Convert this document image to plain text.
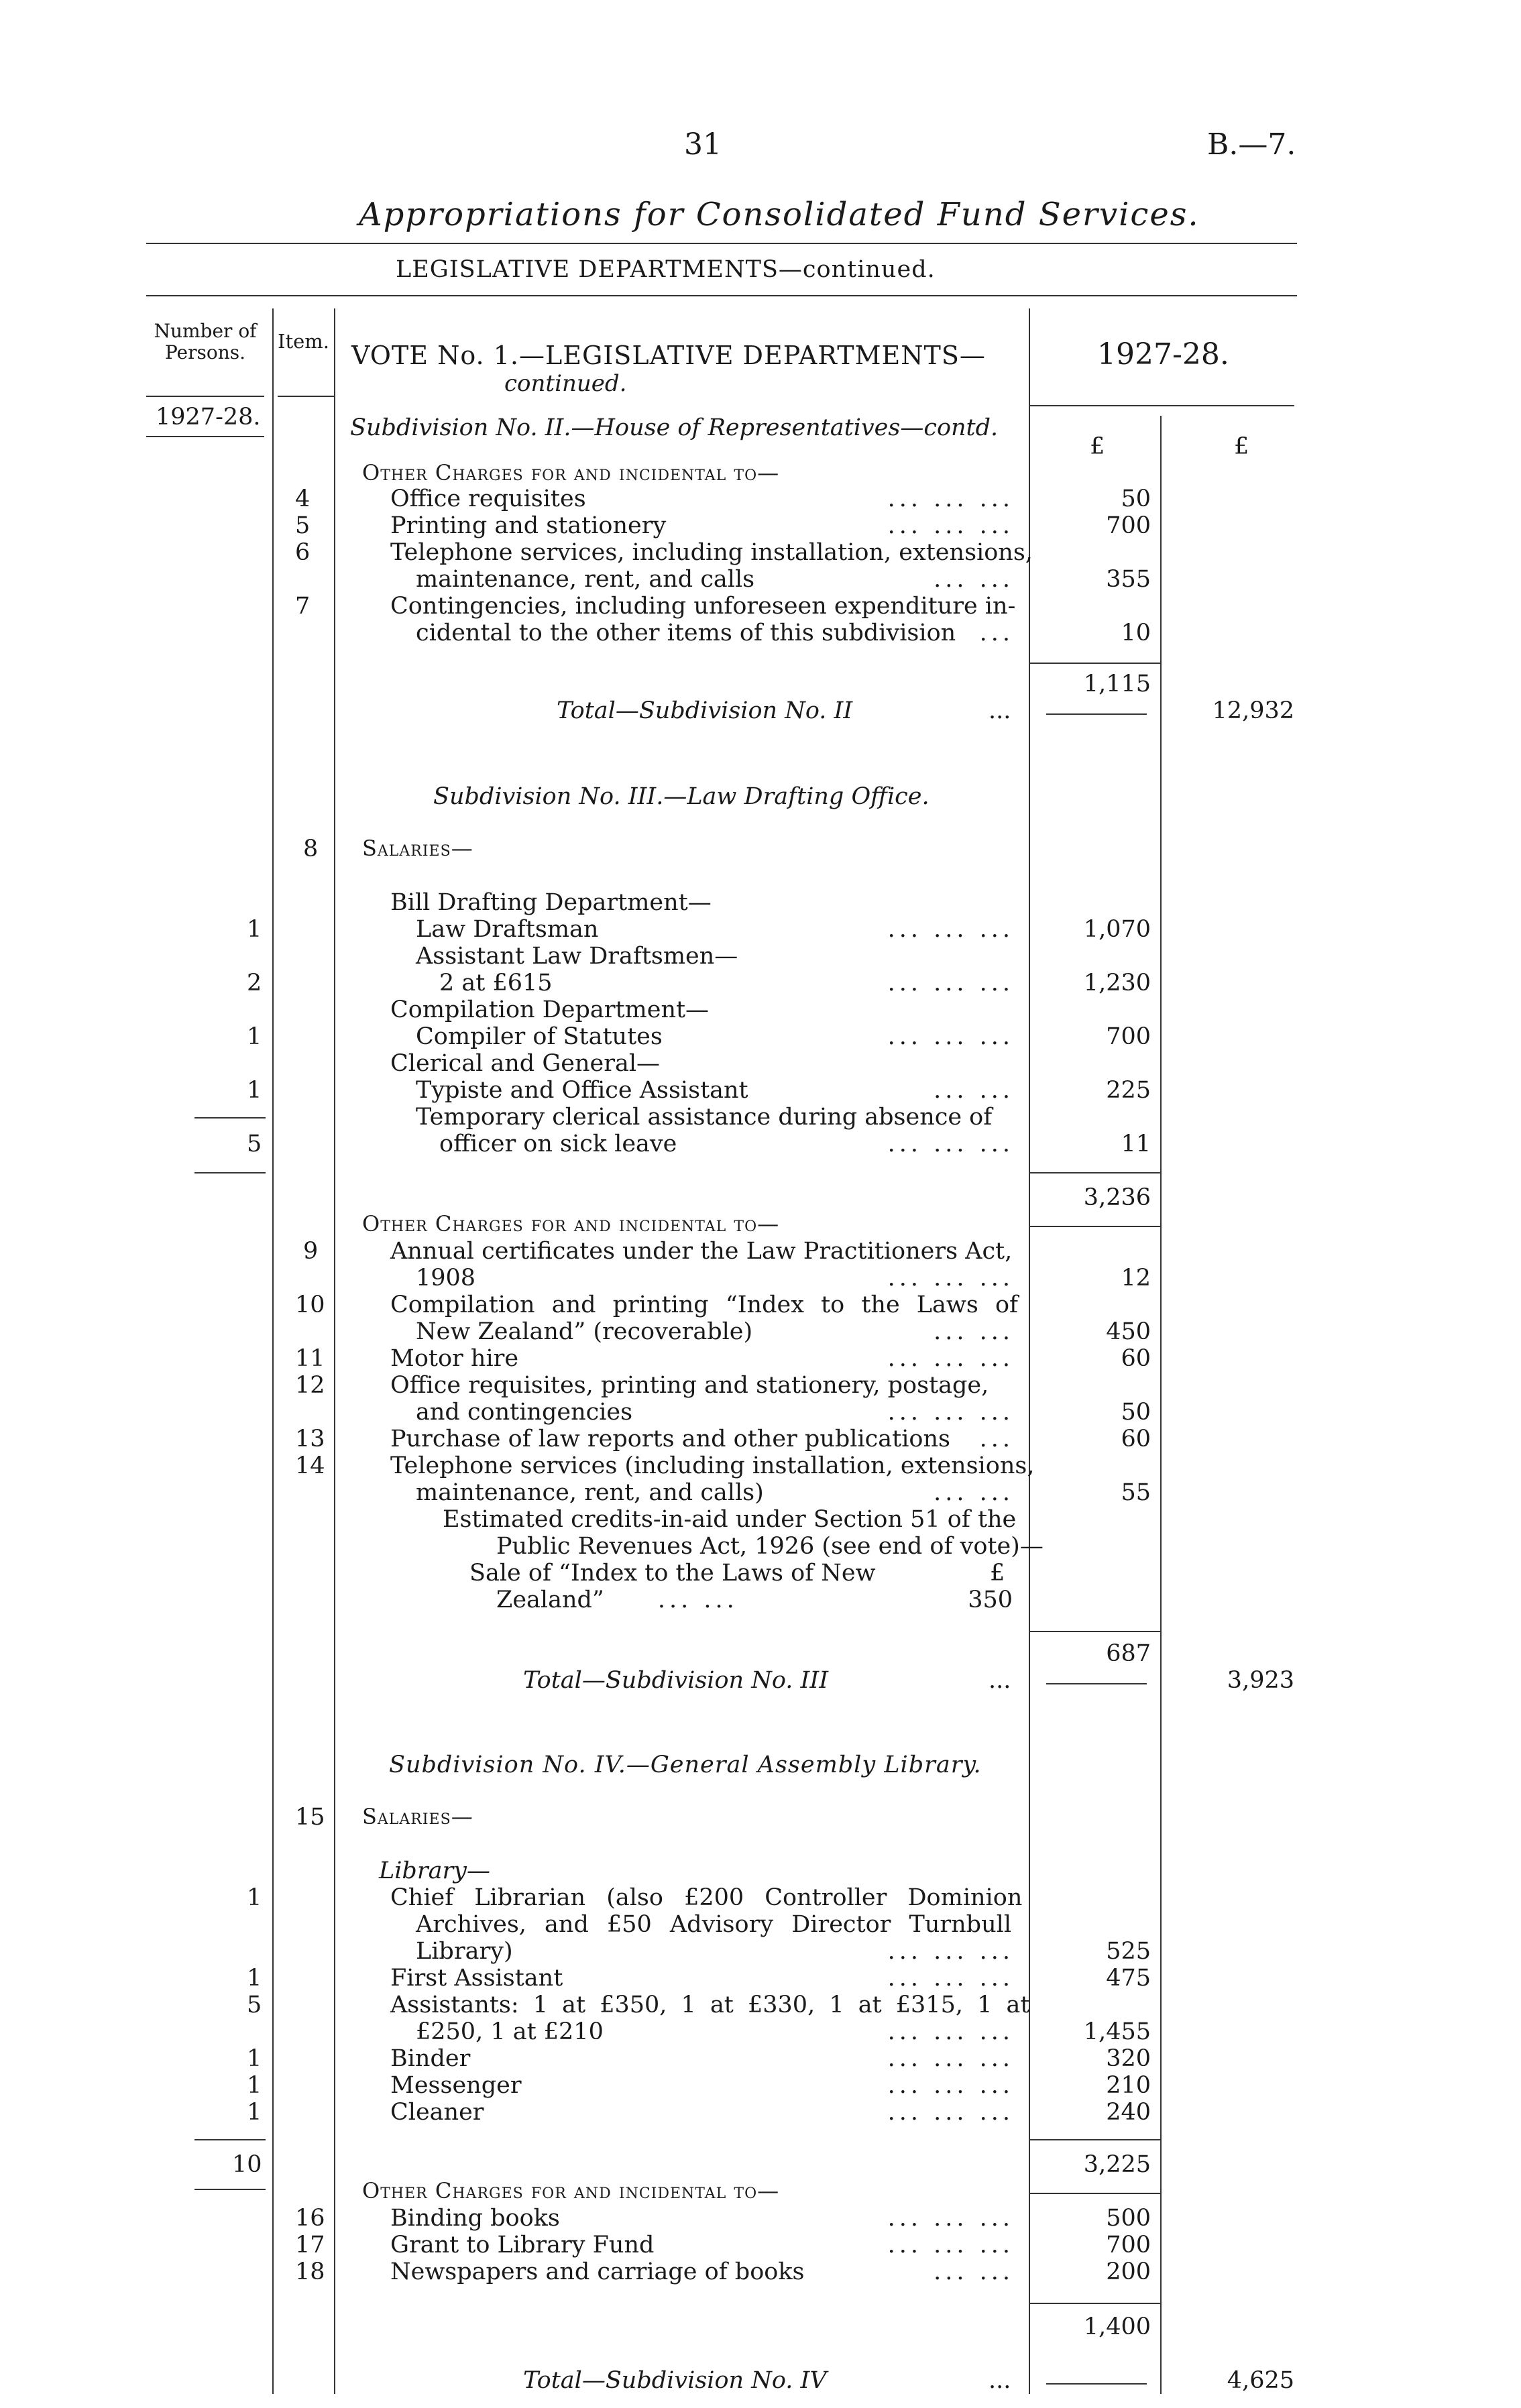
31	B.—7.
Appropriations for Consolidated Fund Services.
LEGISLATIVE DEPARTMENTS—continued.
Number of Persons.	Item. VOTE No. 1.—LEGISLATIVE DEPARTMENTS—
continued.
1927-28.
1927-28.
£	£
Subdivision No. II.—House of Representatives—contd.
Other Charges for and incidental to—
4	Office requisites	... ... ...	50
5	Printing and stationery	... ... ...	700
6	Telephone services, including installation, extensions,
maintenance, rent, and calls	... ...	355
7	Contingencies, including unforeseen expenditure in-
cidental to the other items of this subdivision ...	10
1,115
Total—Subdivision No. II	...	12,932
Subdivision No. III.—Law Drafting Office.
8 Salaries—
Bill Drafting Department—
1	Law Draftsman	... ... ...	1,070
Assistant Law Draftsmen—
2	2 at £615	... ... ...	1,230
Compilation Department—
1	Compiler of Statutes	... ... ...	700
Clerical and General—
1	Typiste and Office Assistant	... ...	225
Temporary clerical assistance during absence of
5	officer on sick leave	... ... ...	11
3,236
Other Charges for and incidental to—
9	Annual certificates under the Law Practitioners Act,
1908	... ... ...	12
10	Compilation and printing “Index to the Laws of
New Zealand” (recoverable)	... ...	450
11	Motor hire	... ... ...	60
12	Office requisites, printing and stationery, postage,
and contingencies	... ... ...	50
13	Purchase of law reports and other publications ...	60
14	Telephone services (including installation, extensions,
maintenance, rent, and calls)	... ...	55
Estimated credits-in-aid under Section 51 of the
Public Revenues Act, 1926 (see end of vote)—
Sale of “Index to the Laws of New	£
Zealand” ... ...	350
687
Total—Subdivision No. III	...	3,923
Subdivision No. IV.—General Assembly Library.
15 Salaries—
Library—
1	Chief Librarian (also £200 Controller Dominion
Archives, and £50 Advisory Director Turnbull
Library)	... ... ...	525
1	First Assistant	... ... ...	475
5	Assistants: 1 at £350, 1 at £330, 1 at £315, 1 at
£250, 1 at £210	... ... ...	1,455
1	Binder	... ... ...	320
1	Messenger	... ... ...	210
1	Cleaner	... ... ...	240
10	3,225
Other Charges for and incidental to—
16	Binding books	... ... ...	500
17	Grant to Library Fund	... ... ...	700
18	Newspapers and carriage of books	... ...	200
1,400
Total—Subdivision No. IV	...	4,625
